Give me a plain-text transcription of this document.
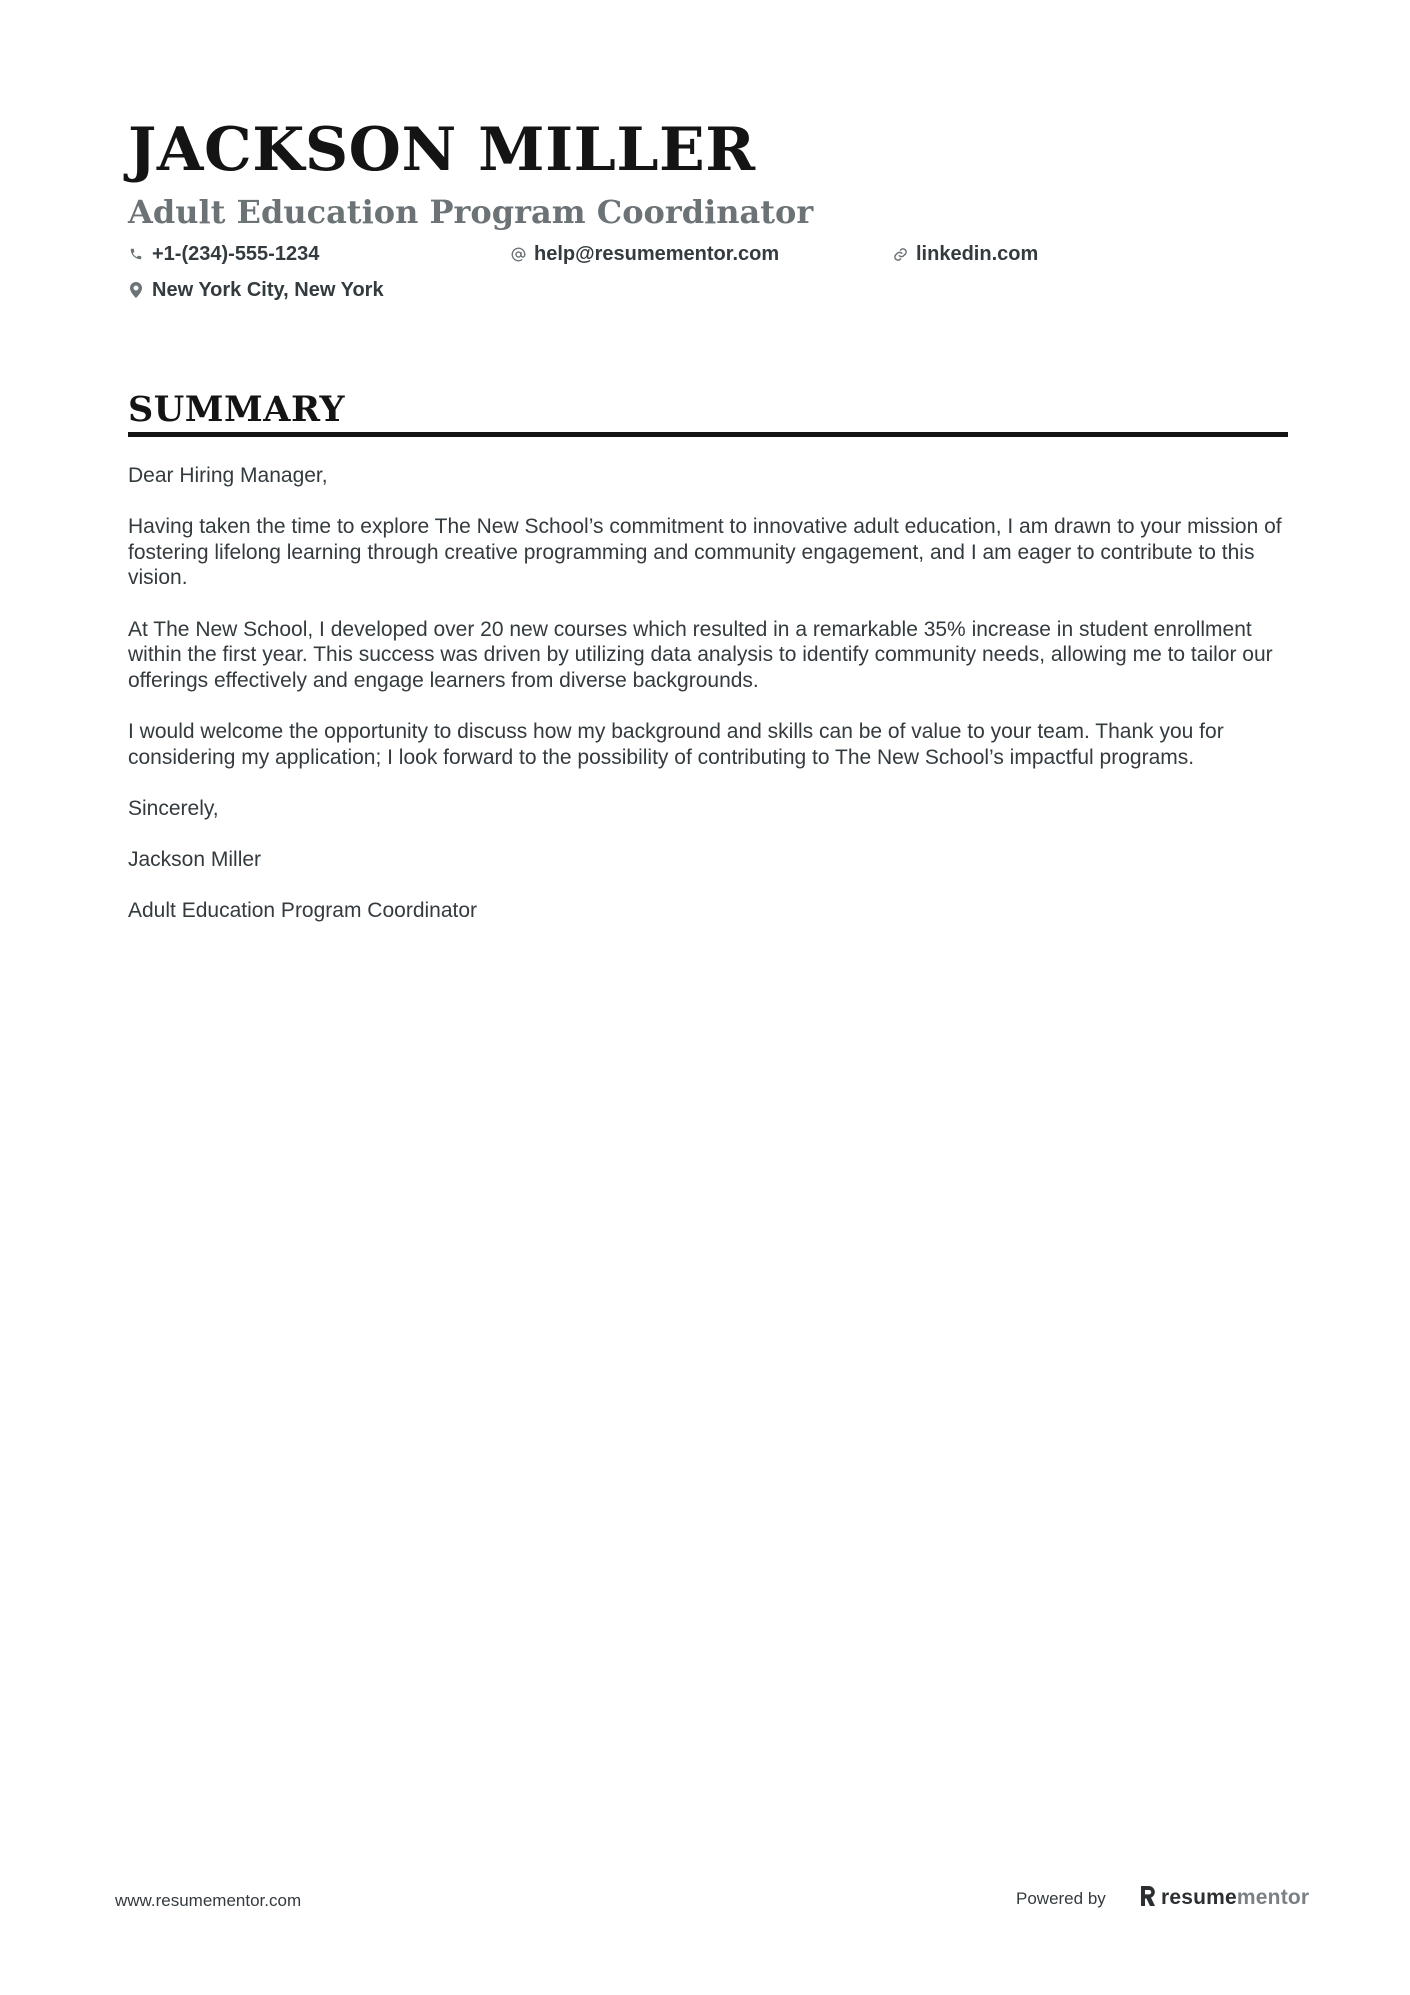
JACKSON MILLER
Adult Education Program Coordinator
+1-(234)-555-1234	help@resumementor.com	linkedin.com
New York City, New York
SUMMARY

Dear Hiring Manager,

Having taken the time to explore The New School’s commitment to innovative adult education, I am drawn to your mission of fostering lifelong learning through creative programming and community engagement, and I am eager to contribute to this vision.

At The New School, I developed over 20 new courses which resulted in a remarkable 35% increase in student enrollment within the first year. This success was driven by utilizing data analysis to identify community needs, allowing me to tailor our offerings effectively and engage learners from diverse backgrounds.

I would welcome the opportunity to discuss how my background and skills can be of value to your team. Thank you for considering my application; I look forward to the possibility of contributing to The New School’s impactful programs.

Sincerely,

Jackson Miller

Adult Education Program Coordinator

www.resumementor.com	Powered by	resumementor
